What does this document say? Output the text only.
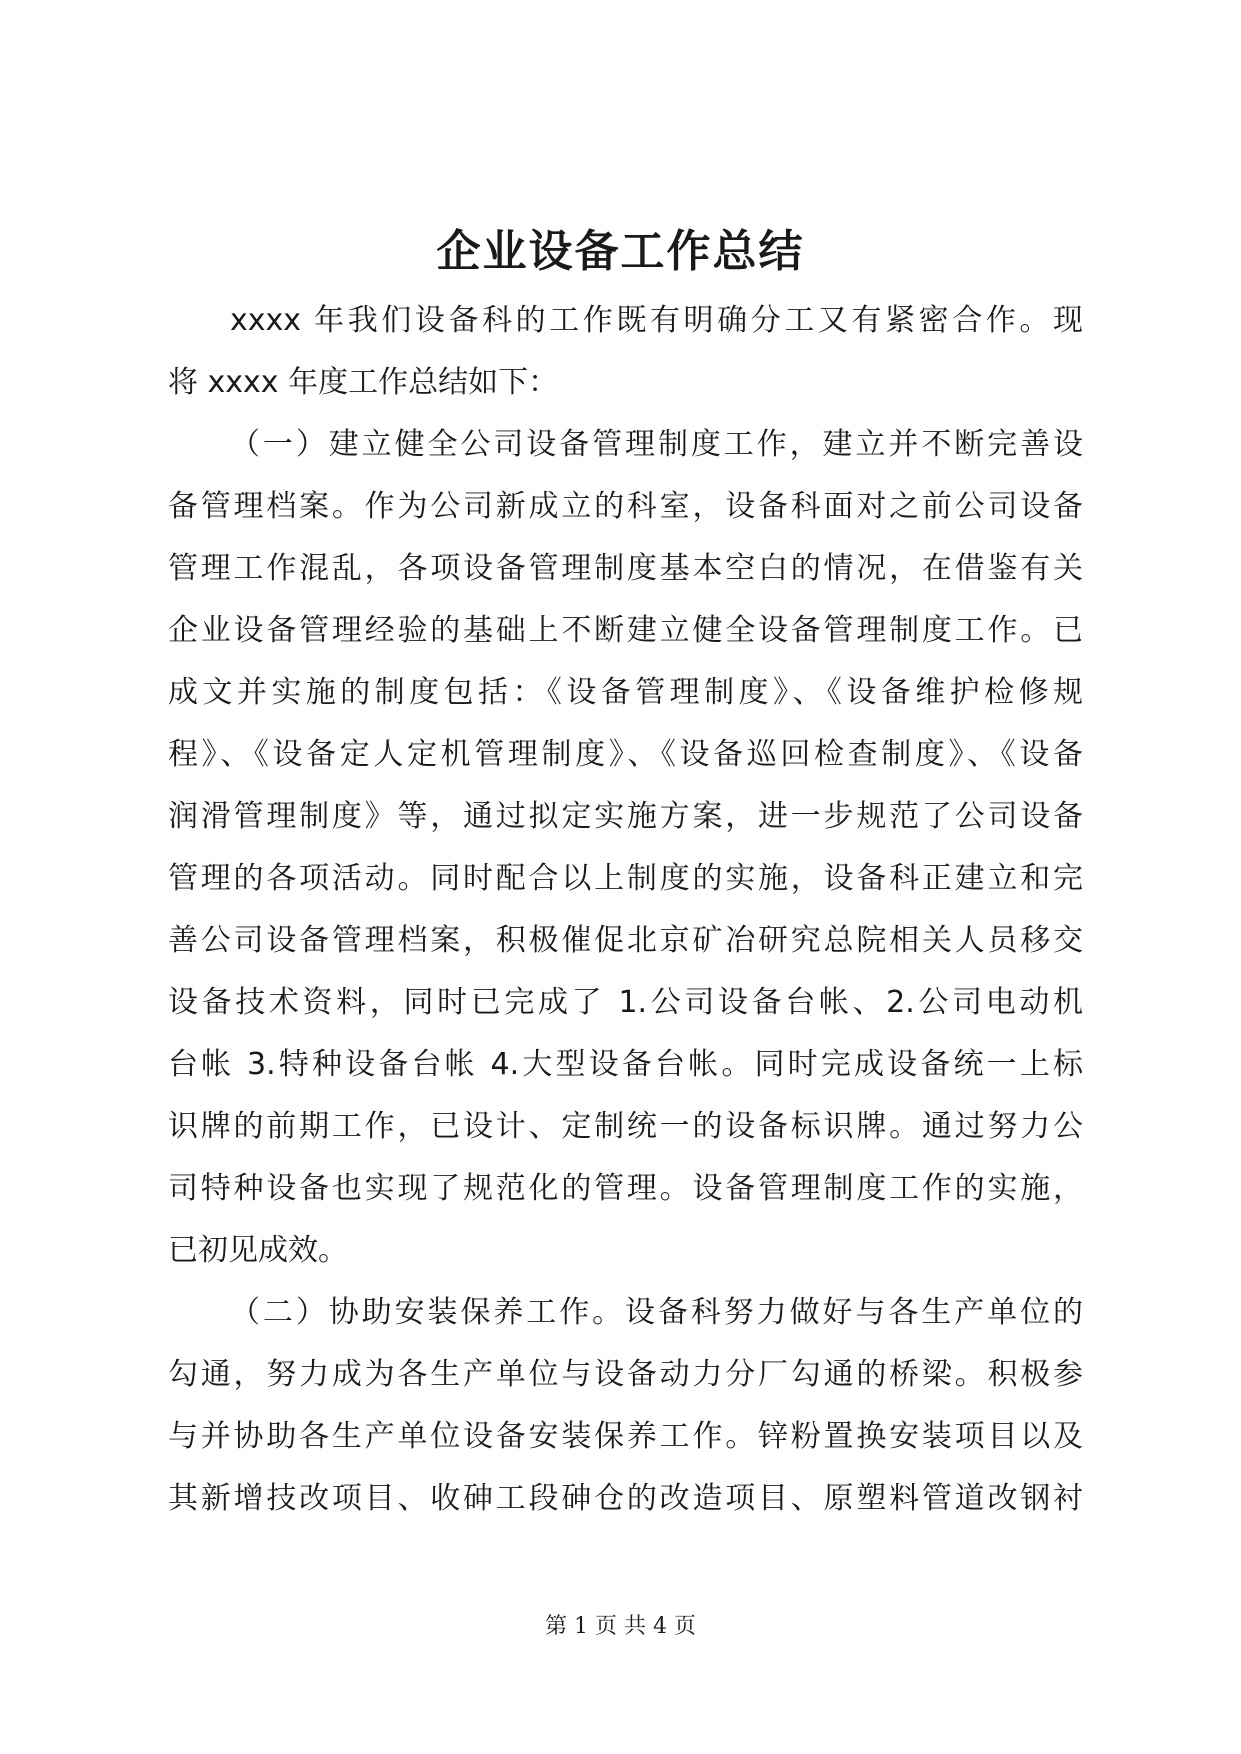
企业设备工作总结
xxxx 年我们设备科的工作既有明确分工又有紧密合作。现
将 xxxx 年度工作总结如下：
（一）建立健全公司设备管理制度工作，建立并不断完善设
备管理档案。作为公司新成立的科室，设备科面对之前公司设备
管理工作混乱，各项设备管理制度基本空白的情况，在借鉴有关
企业设备管理经验的基础上不断建立健全设备管理制度工作。已
成文并实施的制度包括：《设备管理制度》、《设备维护检修规
程》、《设备定人定机管理制度》、《设备巡回检查制度》、《设备
润滑管理制度》等，通过拟定实施方案，进一步规范了公司设备
管理的各项活动。同时配合以上制度的实施，设备科正建立和完
善公司设备管理档案，积极催促北京矿冶研究总院相关人员移交
设备技术资料，同时已完成了 1.公司设备台帐、2.公司电动机
台帐 3.特种设备台帐 4.大型设备台帐。同时完成设备统一上标
识牌的前期工作，已设计、定制统一的设备标识牌。通过努力公
司特种设备也实现了规范化的管理。设备管理制度工作的实施，
已初见成效。
（二）协助安装保养工作。设备科努力做好与各生产单位的
勾通，努力成为各生产单位与设备动力分厂勾通的桥梁。积极参
与并协助各生产单位设备安装保养工作。锌粉置换安装项目以及
其新增技改项目、收砷工段砷仓的改造项目、原塑料管道改钢衬
第 1 页 共 4 页
